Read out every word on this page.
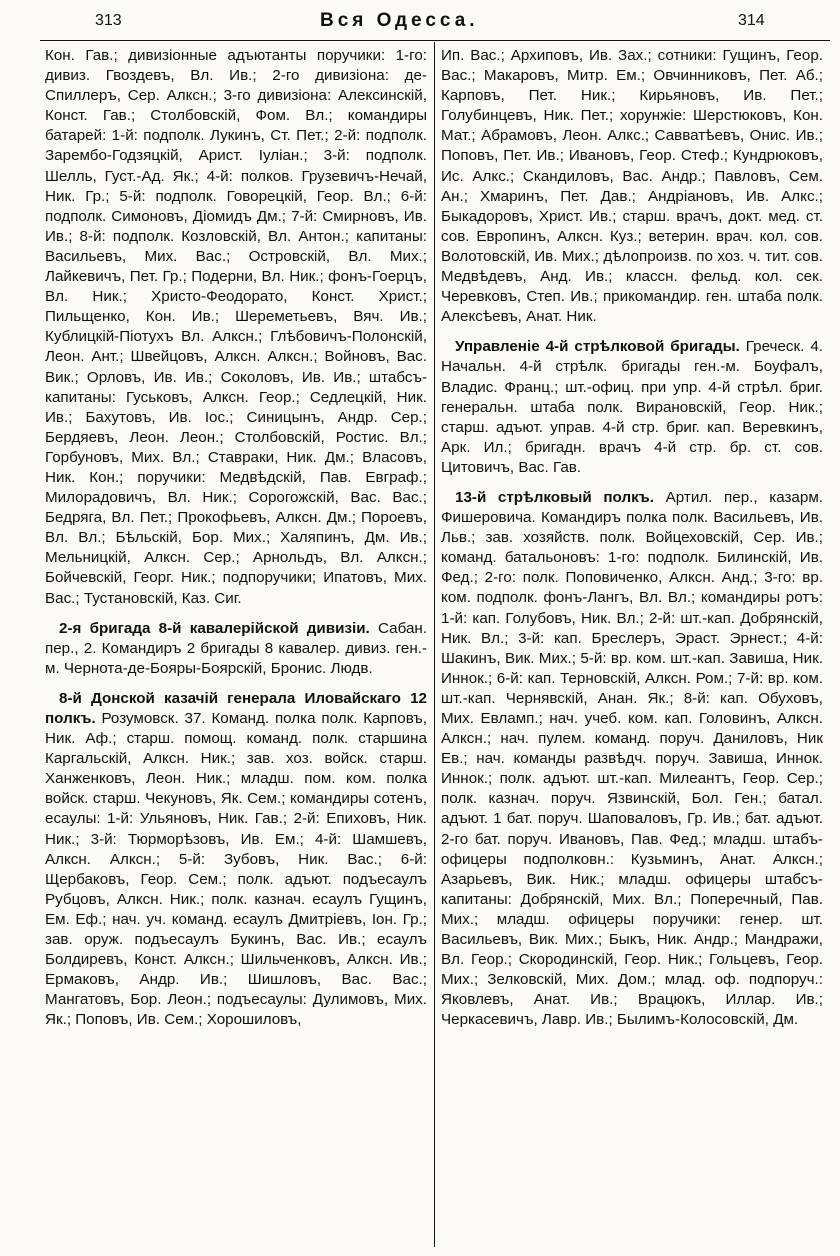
313	Вся Одесса.	314

Кон. Гав.; дивизіонные адъютанты поручики: 1-го: дивиз. Гвоздевъ, Вл. Ив.; 2-го дивизіона: де-Спиллеръ, Сер. Алксн.; 3-го дивизіона: Алексинскій, Конст. Гав.; Столбовскій, Фом. Вл.; командиры батарей: 1-й: подполк. Лукинъ, Ст. Пет.; 2-й: подполк. Зарембо-Годзяцкій, Арист. Іуліан.; 3-й: подполк. Шелль, Густ.-Ад. Як.; 4-й: полков. Грузевичъ-Нечай, Ник. Гр.; 5-й: подполк. Говорецкій, Геор. Вл.; 6-й: подполк. Симоновъ, Діомидъ Дм.; 7-й: Смирновъ, Ив. Ив.; 8-й: подполк. Козловскій, Вл. Антон.; капитаны: Васильевъ, Мих. Вас.; Островскій, Вл. Мих.; Лайкевичъ, Пет. Гр.; Подерни, Вл. Ник.; фонъ-Гоерцъ, Вл. Ник.; Христо-Феодорато, Конст. Христ.; Пильщенко, Кон. Ив.; Шереметьевъ, Вяч. Ив.; Кублицкій-Піотухъ Вл. Алксн.; Глѣбовичъ-Полонскій, Леон. Ант.; Швейцовъ, Алксн. Алксн.; Войновъ, Вас. Вик.; Орловъ, Ив. Ив.; Соколовъ, Ив. Ив.; штабсъ-капитаны: Гуськовъ, Алксн. Геор.; Седлецкій, Ник. Ив.; Бахутовъ, Ив. Іос.; Синицынъ, Андр. Сер.; Бердяевъ, Леон. Леон.; Столбовскій, Ростис. Вл.; Горбуновъ, Мих. Вл.; Ставраки, Ник. Дм.; Власовъ, Ник. Кон.; поручики: Медвѣдскій, Пав. Евграф.; Милорадовичъ, Вл. Ник.; Сорогожскій, Вас. Вас.; Бедряга, Вл. Пет.; Прокофьевъ, Алксн. Дм.; Пороевъ, Вл. Вл.; Бѣльскій, Бор. Мих.; Халяпинъ, Дм. Ив.; Мельницкій, Алксн. Сер.; Арнольдъ, Вл. Алксн.; Бойчевскій, Георг. Ник.; подпоручики; Ипатовъ, Мих. Вас.; Тустановскій, Каз. Сиг.

2-я бригада 8-й кавалерійской дивизіи. Сабан. пер., 2. Командиръ 2 бригады 8 кавалер. дивиз. ген.-м. Чернота-де-Бояры-Боярскій, Бронис. Людв.

8-й Донской казачій генерала Иловайскаго 12 полкъ. Розумовск. 37. Команд. полка полк. Карповъ, Ник. Аф.; старш. помощ. команд. полк. старшина Каргальскій, Алксн. Ник.; зав. хоз. войск. старш. Ханженковъ, Леон. Ник.; младш. пом. ком. полка войск. старш. Чекуновъ, Як. Сем.; командиры сотенъ, есаулы: 1-й: Ульяновъ, Ник. Гав.; 2-й: Епиховъ, Ник. Ник.; 3-й: Тюрморѣзовъ, Ив. Ем.; 4-й: Шамшевъ, Алксн. Алксн.; 5-й: Зубовъ, Ник. Вас.; 6-й: Щербаковъ, Геор. Сем.; полк. адъют. подъесаулъ Рубцовъ, Алксн. Ник.; полк. казнач. есаулъ Гущинъ, Ем. Еф.; нач. уч. команд. есаулъ Дмитріевъ, Іон. Гр.; зав. оруж. подъесаулъ Букинъ, Вас. Ив.; есаулъ Болдиревъ, Конст. Алксн.; Шильченковъ, Алксн. Ив.; Ермаковъ, Андр. Ив.; Шишловъ, Вас. Вас.; Мангатовъ, Бор. Леон.; подъесаулы: Дулимовъ, Мих. Як.; Поповъ, Ив. Сем.; Хорошиловъ,

Ип. Вас.; Архиповъ, Ив. Зах.; сотники: Гущинъ, Геор. Вас.; Макаровъ, Митр. Ем.; Овчинниковъ, Пет. Аб.; Карповъ, Пет. Ник.; Кирьяновъ, Ив. Пет.; Голубинцевъ, Ник. Пет.; хорунжіе: Шерстюковъ, Кон. Мат.; Абрамовъ, Леон. Алкс.; Савватѣевъ, Онис. Ив.; Поповъ, Пет. Ив.; Ивановъ, Геор. Стеф.; Кундрюковъ, Ис. Алкс.; Скандиловъ, Вас. Андр.; Павловъ, Сем. Ан.; Хмаринъ, Пет. Дав.; Андріановъ, Ив. Алкс.; Быкадоровъ, Христ. Ив.; старш. врачъ, докт. мед. ст. сов. Европинъ, Алксн. Куз.; ветерин. врач. кол. сов. Волотовскій, Ив. Мих.; дѣлопроизв. по хоз. ч. тит. сов. Медвѣдевъ, Анд. Ив.; классн. фельд. кол. сек. Черевковъ, Степ. Ив.; прикомандир. ген. штаба полк. Алексѣевъ, Анат. Ник.

Управленіе 4-й стрѣлковой бригады. Греческ. 4. Начальн. 4-й стрѣлк. бригады ген.-м. Боуфалъ, Владис. Франц.; шт.-офиц. при упр. 4-й стрѣл. бриг. генеральн. штаба полк. Вирановскій, Геор. Ник.; старш. адъют. управ. 4-й стр. бриг. кап. Веревкинъ, Арк. Ил.; бригадн. врачъ 4-й стр. бр. ст. сов. Цитовичъ, Вас. Гав.

13-й стрѣлковый полкъ. Артил. пер., казарм. Фишеровича. Командиръ полка полк. Васильевъ, Ив. Льв.; зав. хозяйств. полк. Войцеховскій, Сер. Ив.; команд. батальоновъ: 1-го: подполк. Билинскій, Ив. Фед.; 2-го: полк. Поповиченко, Алксн. Анд.; 3-го: вр. ком. подполк. фонъ-Лангъ, Вл. Вл.; командиры ротъ: 1-й: кап. Голубовъ, Ник. Вл.; 2-й: шт.-кап. Добрянскій, Ник. Вл.; 3-й: кап. Бреслеръ, Эраст. Эрнест.; 4-й: Шакинъ, Вик. Мих.; 5-й: вр. ком. шт.-кап. Завиша, Ник. Иннок.; 6-й: кап. Терновскій, Алксн. Ром.; 7-й: вр. ком. шт.-кап. Чернявскій, Анан. Як.; 8-й: кап. Обуховъ, Мих. Евламп.; нач. учеб. ком. кап. Головинъ, Алксн. Алксн.; нач. пулем. команд. поруч. Даниловъ, Ник Ев.; нач. команды развѣдч. поруч. Завиша, Иннок. Иннок.; полк. адъют. шт.-кап. Милеантъ, Геор. Сер.; полк. казнач. поруч. Язвинскій, Бол. Ген.; батал. адъют. 1 бат. поруч. Шаповаловъ, Гр. Ив.; бат. адъют. 2-го бат. поруч. Ивановъ, Пав. Фед.; младш. штабъ-офицеры подполковн.: Кузьминъ, Анат. Алксн.; Азарьевъ, Вик. Ник.; младш. офицеры штабсъ-капитаны: Добрянскій, Мих. Вл.; Поперечный, Пав. Мих.; младш. офицеры поручики: генер. шт. Васильевъ, Вик. Мих.; Быкъ, Ник. Андр.; Мандражи, Вл. Геор.; Скородинскій, Геор. Ник.; Гольцевъ, Геор. Мих.; Зелковскій, Мих. Дом.; млад. оф. подпоруч.: Яковлевъ, Анат. Ив.; Врацюкъ, Иллар. Ив.; Черкасевичъ, Лавр. Ив.; Былимъ-Колосовскій, Дм.
